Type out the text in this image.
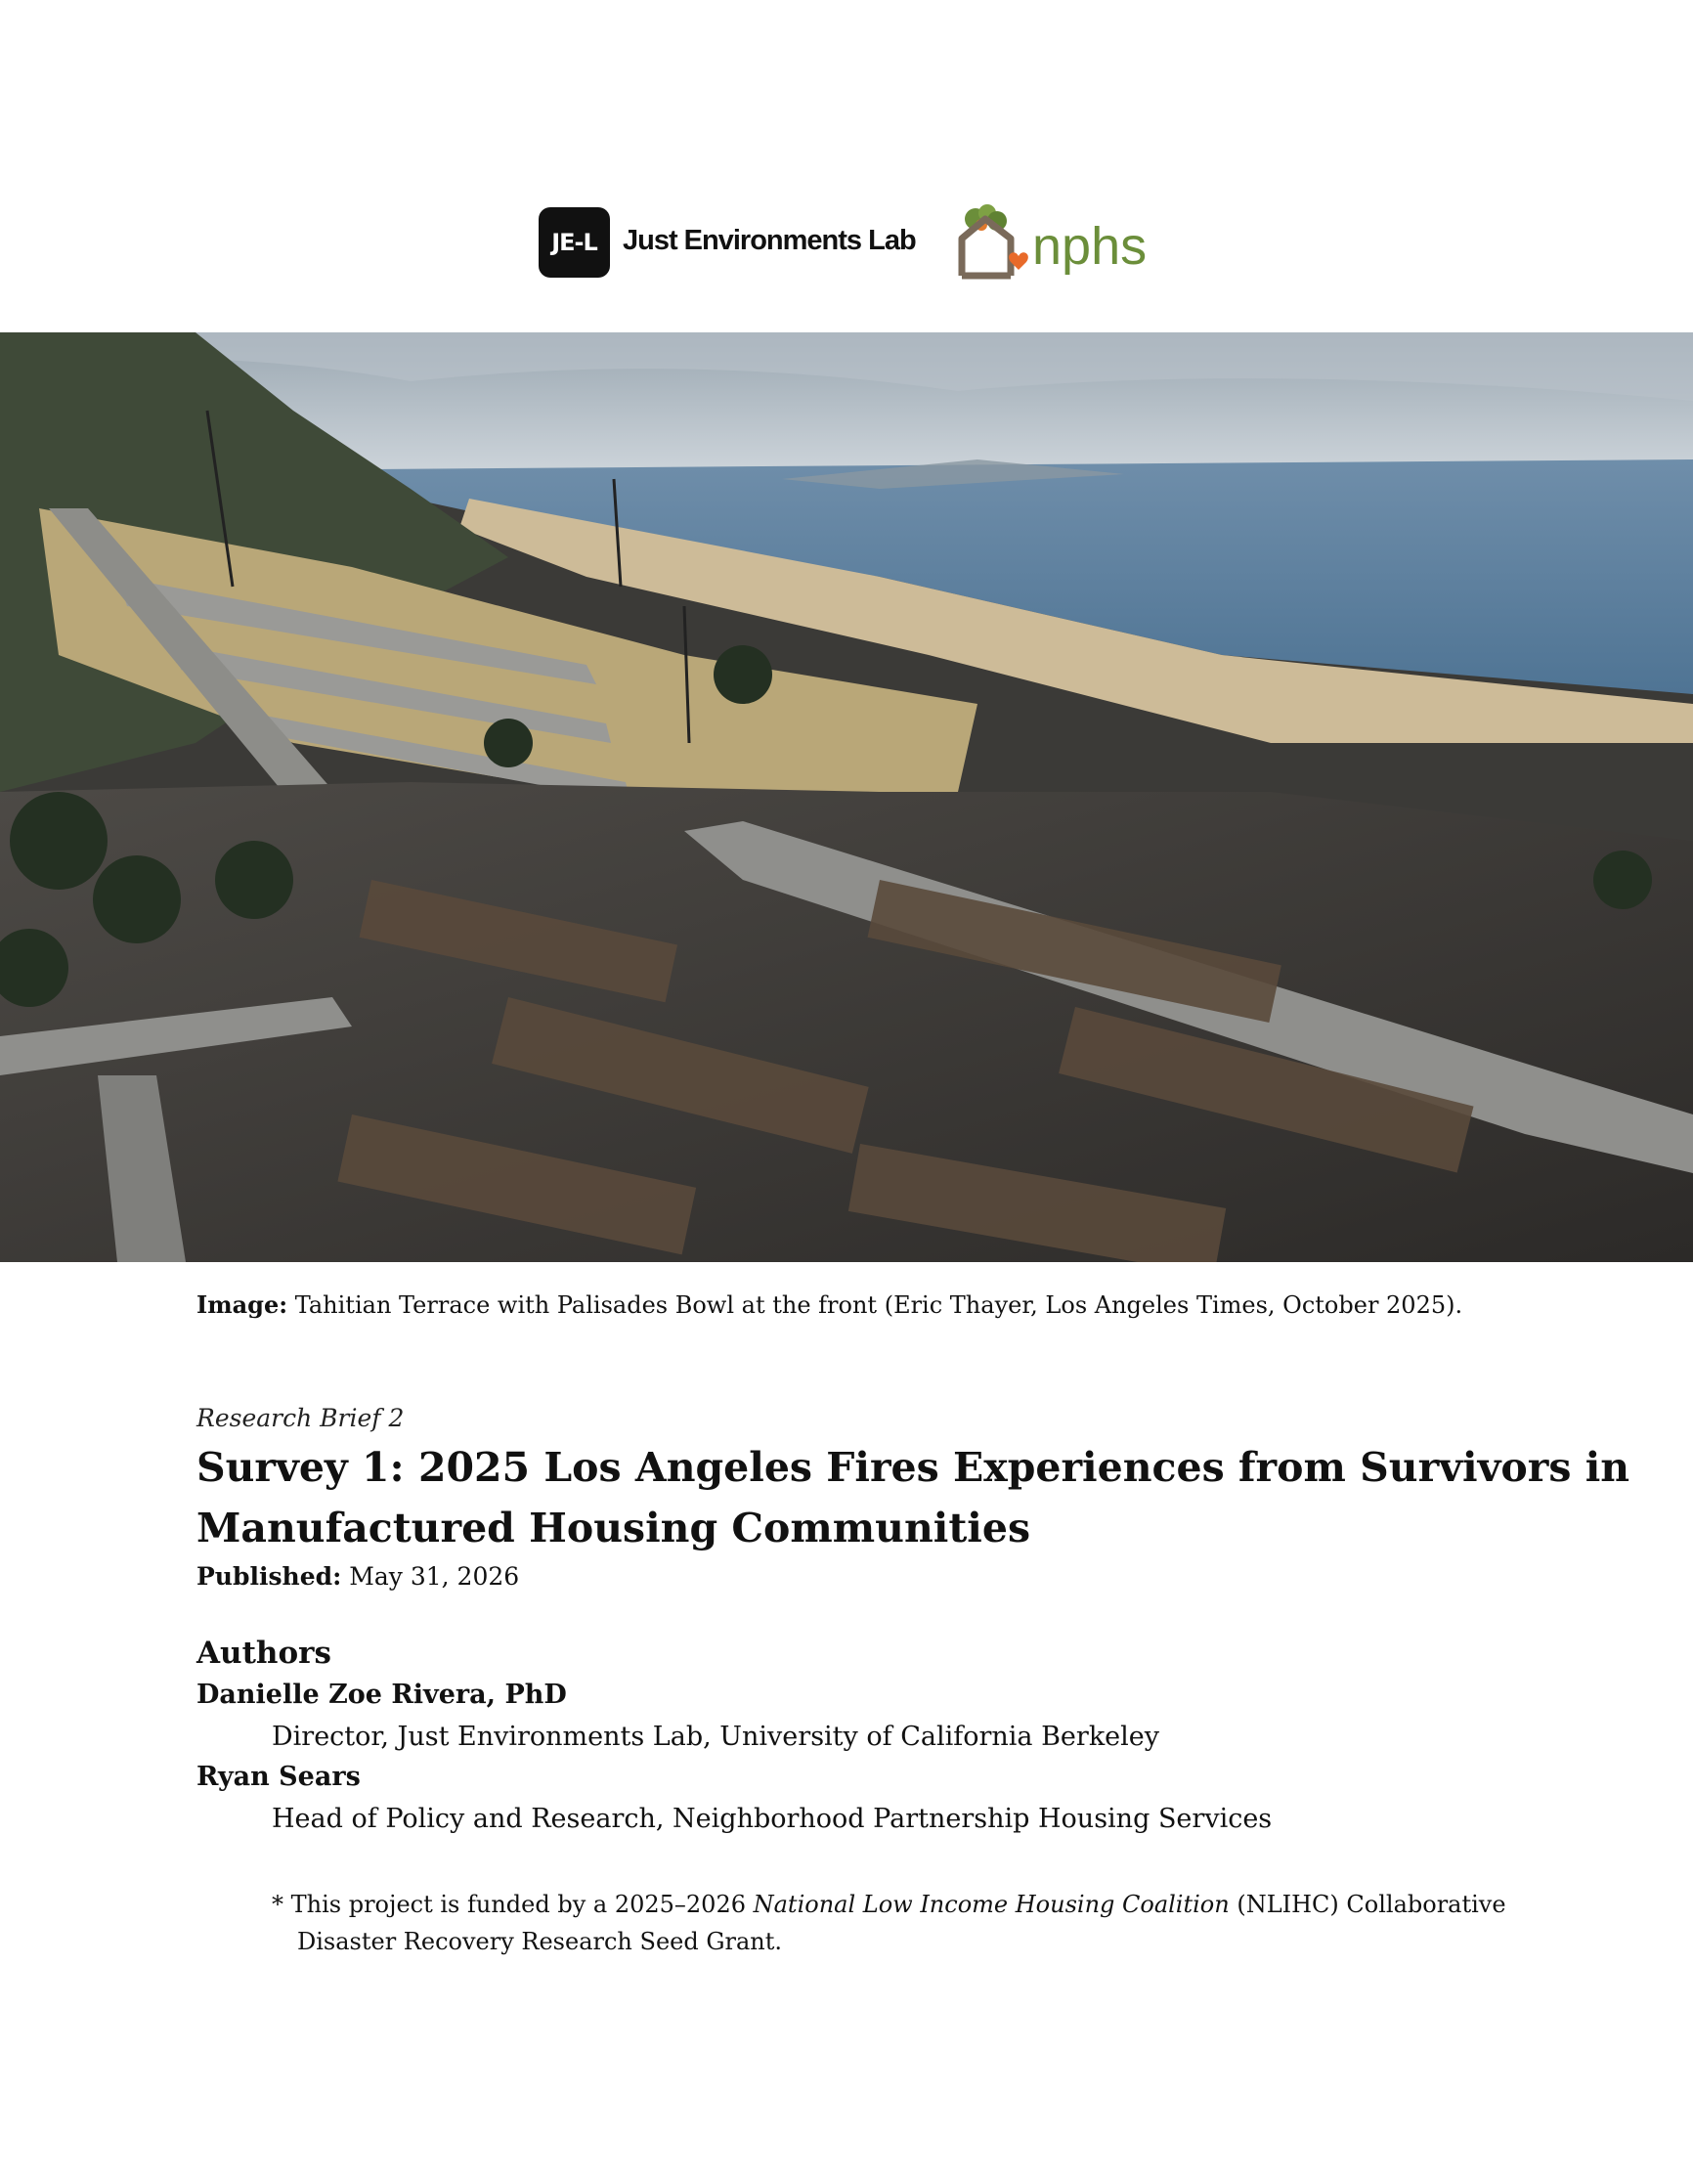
JE-L Just Environments Lab nphs
Image: Tahitian Terrace with Palisades Bowl at the front (Eric Thayer, Los Angeles Times, October 2025).
Research Brief 2
Survey 1: 2025 Los Angeles Fires Experiences from Survivors in
Manufactured Housing Communities
Published: May 31, 2026
Authors
Danielle Zoe Rivera, PhD
Director, Just Environments Lab, University of California Berkeley
Ryan Sears
Head of Policy and Research, Neighborhood Partnership Housing Services
* This project is funded by a 2025–2026 National Low Income Housing Coalition (NLIHC) Collaborative
Disaster Recovery Research Seed Grant.
